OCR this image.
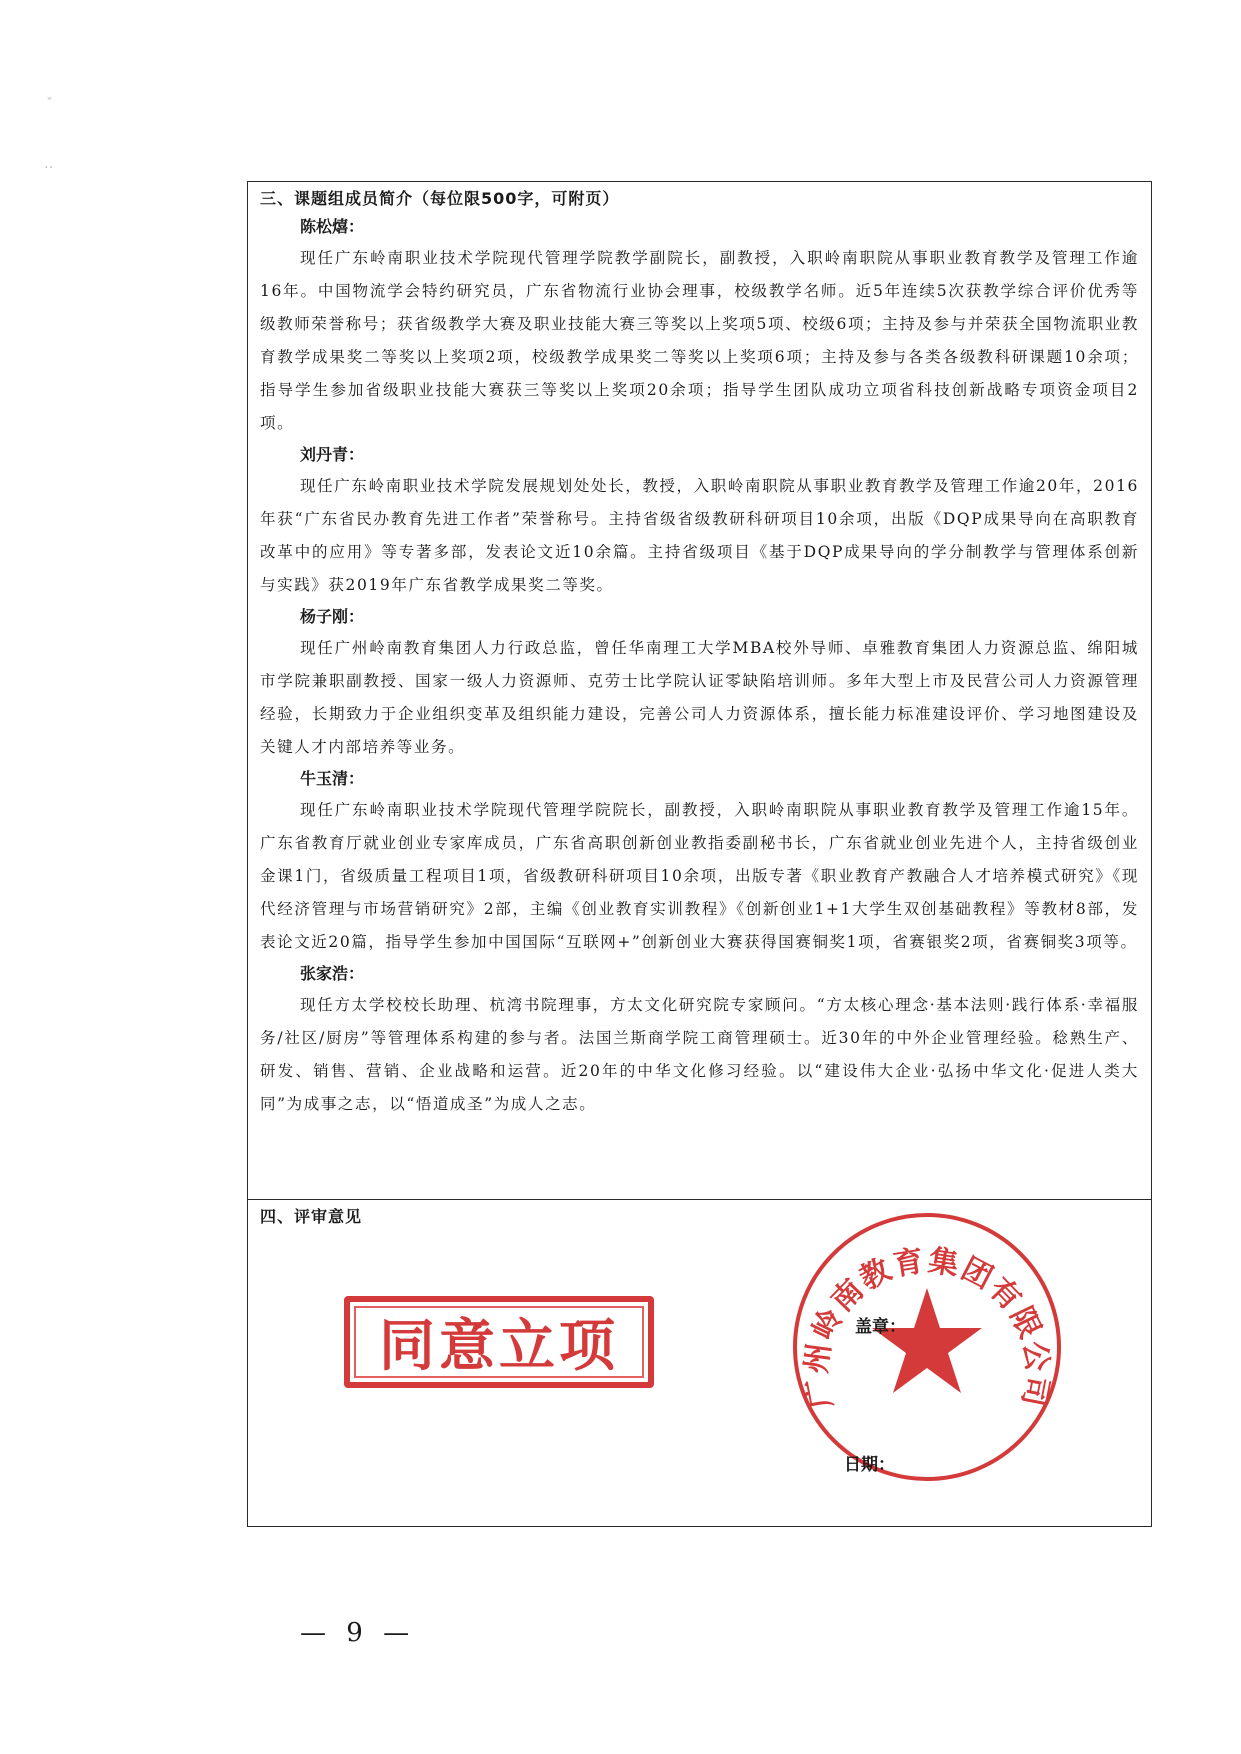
ˇ
‥

三、课题组成员简介（每位限500字，可附页）

陈松熺：

现任广东岭南职业技术学院现代管理学院教学副院长，副教授，入职岭南职院从事职业教育教学及管理工作逾16年。中国物流学会特约研究员，广东省物流行业协会理事，校级教学名师。近5年连续5次获教学综合评价优秀等级教师荣誉称号；获省级教学大赛及职业技能大赛三等奖以上奖项5项、校级6项；主持及参与并荣获全国物流职业教育教学成果奖二等奖以上奖项2项，校级教学成果奖二等奖以上奖项6项；主持及参与各类各级教科研课题10余项；指导学生参加省级职业技能大赛获三等奖以上奖项20余项；指导学生团队成功立项省科技创新战略专项资金项目2项。

刘丹青：

现任广东岭南职业技术学院发展规划处处长，教授，入职岭南职院从事职业教育教学及管理工作逾20年，2016年获“广东省民办教育先进工作者”荣誉称号。主持省级省级教研科研项目10余项，出版《DQP成果导向在高职教育改革中的应用》等专著多部，发表论文近10余篇。主持省级项目《基于DQP成果导向的学分制教学与管理体系创新与实践》获2019年广东省教学成果奖二等奖。

杨子刚：

现任广州岭南教育集团人力行政总监，曾任华南理工大学MBA校外导师、卓雅教育集团人力资源总监、绵阳城市学院兼职副教授、国家一级人力资源师、克劳士比学院认证零缺陷培训师。多年大型上市及民营公司人力资源管理经验，长期致力于企业组织变革及组织能力建设，完善公司人力资源体系，擅长能力标准建设评价、学习地图建设及关键人才内部培养等业务。

牛玉清：

现任广东岭南职业技术学院现代管理学院院长，副教授，入职岭南职院从事职业教育教学及管理工作逾15年。广东省教育厅就业创业专家库成员，广东省高职创新创业教指委副秘书长，广东省就业创业先进个人，主持省级创业金课1门，省级质量工程项目1项，省级教研科研项目10余项，出版专著《职业教育产教融合人才培养模式研究》《现代经济管理与市场营销研究》2部，主编《创业教育实训教程》《创新创业1+1大学生双创基础教程》等教材8部，发表论文近20篇，指导学生参加中国国际“互联网+”创新创业大赛获得国赛铜奖1项，省赛银奖2项，省赛铜奖3项等。

张家浩：

现任方太学校校长助理、杭湾书院理事，方太文化研究院专家顾问。“方太核心理念·基本法则·践行体系·幸福服务/社区/厨房”等管理体系构建的参与者。法国兰斯商学院工商管理硕士。近30年的中外企业管理经验。稔熟生产、研发、销售、营销、企业战略和运营。近20年的中华文化修习经验。以“建设伟大企业·弘扬中华文化·促进人类大同”为成事之志，以“悟道成圣”为成人之志。

四、评审意见

同意立项
广州岭南教育集团有限公司
盖章：
日期：
— 9 —
